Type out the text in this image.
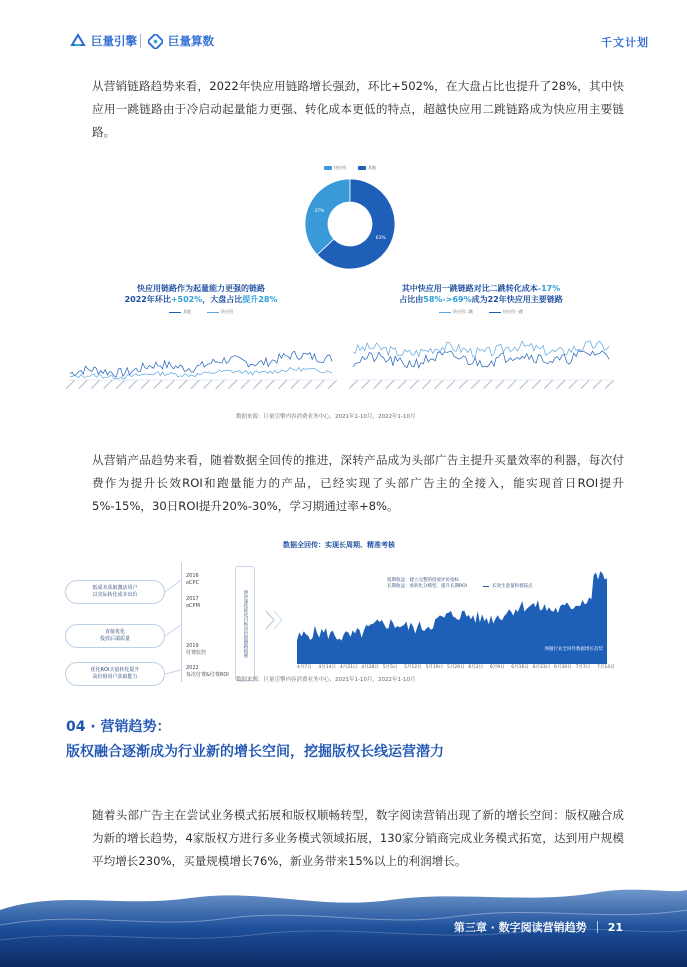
巨量引擎	巨量算数	千文计划

从营销链路趋势来看，2022年快应用链路增长强劲，环比+502%，在大盘占比也提升了28%，其中快应用一跳链路由于冷启动起量能力更强、转化成本更低的特点，超越快应用二跳链路成为快应用主要链路。

快应用	其他
37%
63%
快应用链路作为起量能力更强的链路
2022年环比+502%，大盘占比提升28%
其他	快应用
其中快应用一跳链路对比二跳转化成本-17%
占比由58%->69%成为22年快应用主要链路
快应用二跳	快应用一跳
数据来源：巨量引擎内容消费业务中心，2021年1-10月，2022年1-10月

从营销产品趋势来看，随着数据全回传的推进，深转产品成为头部广告主提升买量效率的利器，每次付费作为提升长效ROI和跑量能力的产品，已经实现了头部广告主的全接入，能实现首日ROI提升5%-15%，30日ROI提升20%-30%，学习期通过率+8%。

数据全回传：实现长周期、精准考核
低成本获取激活用户
以实际转化成本出价
直接优化
投放后端质量
优化ROI买量转化提升
高价值用户获取能力
2016
oCPC
2017
oCPM
2019
付费监控
2022
每次付费&付费ROI
逐步深化转化目标向价值链路拓展
4月7日 4月14日 4月21日 4月28日 5月5日 5月12日 5月19日 5月26日 6月2日 6月9日 6月16日 6月23日 6月30日 7月7日 7月14日
短期收益：建立完整的投放评价指标
长期收益：看转化分模型，提升长期ROI	长效生意量和着陆点
网服行业全回传数据增长趋势
数据来源：巨量引擎内容消费业务中心，2021年1-10月，2022年1-10月
04 · 营销趋势：
版权融合逐渐成为行业新的增长空间，挖掘版权长线运营潜力

随着头部广告主在尝试业务模式拓展和版权顺畅转型，数字阅读营销出现了新的增长空间：版权融合成为新的增长趋势，4家版权方进行多业务模式领域拓展，130家分销商完成业务模式拓宽，达到用户规模平均增长230%，买量规模增长76%，新业务带来15%以上的利润增长。

第三章 · 数字阅读营销趋势 21
